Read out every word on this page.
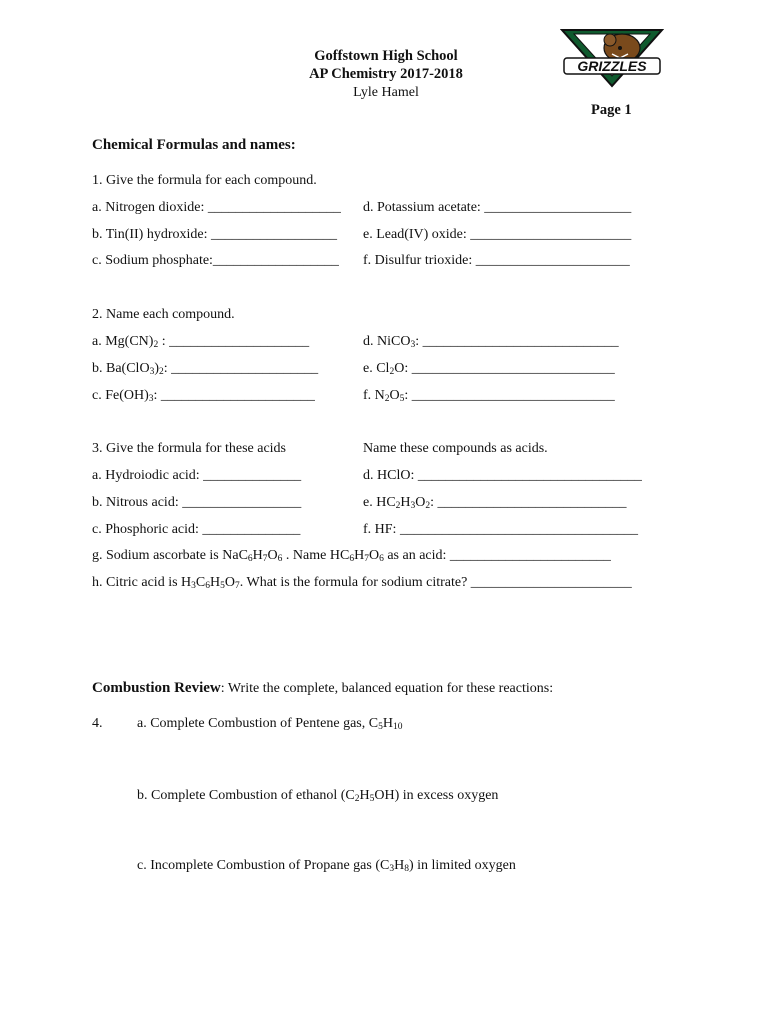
Goffstown High School
AP Chemistry 2017-2018
Lyle Hamel
Page 1
GRIZZLES
Chemical Formulas and names:
1. Give the formula for each compound.
a. Nitrogen dioxide: ___________________
b. Tin(II) hydroxide: __________________
c. Sodium phosphate:__________________
d. Potassium acetate: _____________________
e. Lead(IV) oxide: _______________________
f. Disulfur trioxide: ______________________
2. Name each compound.
a. $Mg(CN)_2$ : ____________________
b. $Ba(ClO_3)_2$: _____________________
c. $Fe(OH)_3$: ______________________
d. NiCO$_3$: ____________________________
e. $Cl_2O$: _____________________________
f. $N_2O_5$: _____________________________
3. Give the formula for these acids	Name these compounds as acids.
a. Hydroiodic acid: ______________
b. Nitrous acid: _________________
c. Phosphoric acid: ______________
d. HClO: ________________________________
e. $HC_2H_3O_2$: ___________________________
f. HF: __________________________________
g. Sodium ascorbate is $NaC_6H_7O_6$ . Name $HC_6H_7O_6$ as an acid: _______________________
h. Citric acid is $H_3C_6H_5O_7$. What is the formula for sodium citrate? _______________________
Combustion Review: Write the complete, balanced equation for these reactions:
4. a. Complete Combustion of Pentene gas, $C_5H_{10}$
b. Complete Combustion of ethanol $(C_2H_5OH)$ in excess oxygen
c. Incomplete Combustion of Propane gas $(C_3H_8)$ in limited oxygen
